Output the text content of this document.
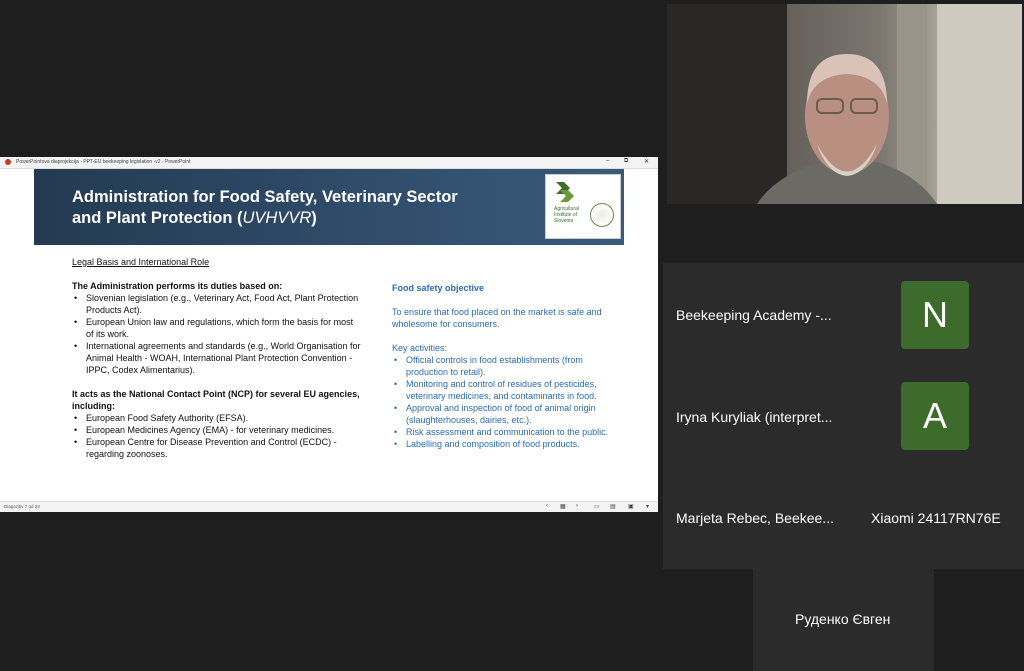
PowerPointova diaprojekcija - PPT-EU beekeeping legislation -v2 - PowerPoint	– ⧉	✕
Administration for Food Safety, Veterinary Sector
and Plant Protection (UVHVVR)	Agricultural Institute of Slovenia
Legal Basis and International Role
The Administration performs its duties based on:
• Slovenian legislation (e.g., Veterinary Act, Food Act, Plant Protection Products Act).
• European Union law and regulations, which form the basis for most of its work.
• International agreements and standards (e.g., World Organisation for Animal Health - WOAH, International Plant Protection Convention - IPPC, Codex Alimentarius).
It acts as the National Contact Point (NCP) for several EU agencies, including:
• European Food Safety Authority (EFSA).
• European Medicines Agency (EMA) - for veterinary medicines.
• European Centre for Disease Prevention and Control (ECDC) - regarding zoonoses.
Food safety objective
To ensure that food placed on the market is safe and wholesome for consumers.
Key activities:
• Official controls in food establishments (from production to retail).
• Monitoring and control of residues of pesticides, veterinary medicines, and contaminants in food.
• Approval and inspection of food of animal origin (slaughterhouses, dairies, etc.).
• Risk assessment and communication to the public.
• Labelling and composition of food products.
Diapozitiv 7 od 23	‹ ▦ ›	▭ ▤ ▣ ▾
Beekeeping Academy -...	N
Iryna Kuryliak (interpret...	A
Marjeta Rebec, Beekee...	Xiaomi 24117RN76E
Руденко Євген
